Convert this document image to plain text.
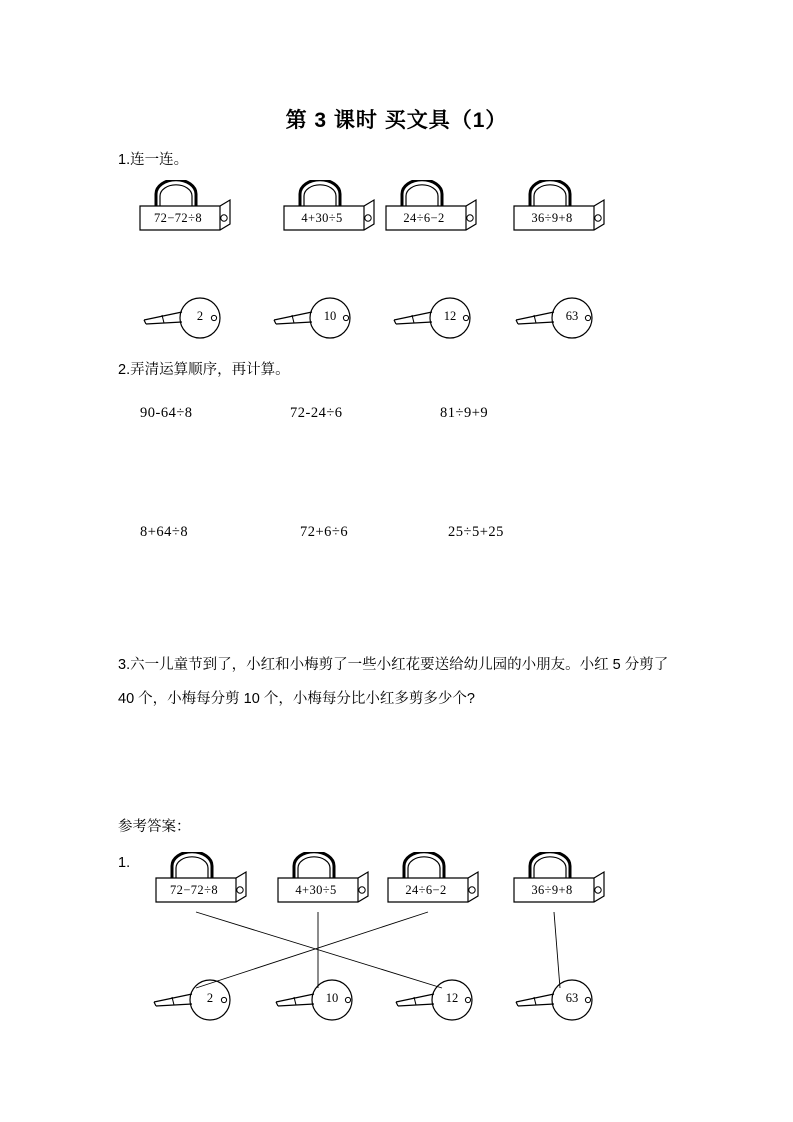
第 3 课时 买文具（1）
1.连一连。
72−72÷8	4+30÷5	24÷6−2	36÷9+8
2	10	12	63
2.弄清运算顺序，再计算。
90-64÷8	72-24÷6	81÷9+9
8+64÷8	72+6÷6	25÷5+25
3.六一儿童节到了，小红和小梅剪了一些小红花要送给幼儿园的小朋友。小红 5 分剪了 40 个，小梅每分剪 10 个，小梅每分比小红多剪多少个?
参考答案：
1.
72−72÷8	4+30÷5	24÷6−2	36÷9+8
2	10	12	63
